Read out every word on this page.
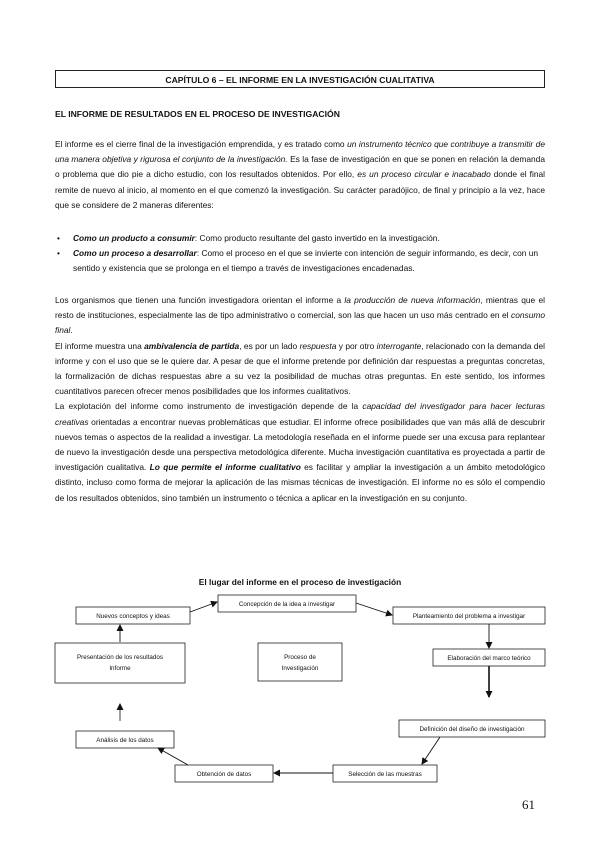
CAPÍTULO 6 – EL INFORME EN LA INVESTIGACIÓN CUALITATIVA
EL INFORME DE RESULTADOS EN EL PROCESO DE INVESTIGACIÓN
El informe es el cierre final de la investigación emprendida, y es tratado como un instrumento técnico que contribuye a transmitir de una manera objetiva y rigurosa el conjunto de la investigación. Es la fase de investigación en que se ponen en relación la demanda o problema que dio pie a dicho estudio, con los resultados obtenidos. Por ello, es un proceso circular e inacabado donde el final remite de nuevo al inicio, al momento en el que comenzó la investigación. Su carácter paradójico, de final y principio a la vez, hace que se considere de 2 maneras diferentes:
• Como un producto a consumir: Como producto resultante del gasto invertido en la investigación.
• Como un proceso a desarrollar: Como el proceso en el que se invierte con intención de seguir informando, es decir, con un sentido y existencia que se prolonga en el tiempo a través de investigaciones encadenadas.
Los organismos que tienen una función investigadora orientan el informe a la producción de nueva información, mientras que el resto de instituciones, especialmente las de tipo administrativo o comercial, son las que hacen un uso más centrado en el consumo final.
El informe muestra una ambivalencia de partida, es por un lado respuesta y por otro interrogante, relacionado con la demanda del informe y con el uso que se le quiere dar. A pesar de que el informe pretende por definición dar respuestas a preguntas concretas, la formalización de dichas respuestas abre a su vez la posibilidad de muchas otras preguntas. En este sentido, los informes cuantitativos parecen ofrecer menos posibilidades que los informes cualitativos.
La explotación del informe como instrumento de investigación depende de la capacidad del investigador para hacer lecturas creativas orientadas a encontrar nuevas problemáticas que estudiar. El informe ofrece posibilidades que van más allá de descubrir nuevos temas o aspectos de la realidad a investigar. La metodología reseñada en el informe puede ser una excusa para replantear de nuevo la investigación desde una perspectiva metodológica diferente. Mucha investigación cuantitativa es proyectada a partir de investigación cualitativa. Lo que permite el informe cualitativo es facilitar y ampliar la investigación a un ámbito metodológico distinto, incluso como forma de mejorar la aplicación de las mismas técnicas de investigación. El informe no es sólo el compendio de los resultados obtenidos, sino también un instrumento o técnica a aplicar en la investigación en su conjunto.
El lugar del informe en el proceso de investigación
Concepción de la idea a investigar
Planteamiento del problema a investigar
Elaboración del marco teórico
Definición del diseño de investigación
Selección de las muestras
Obtención de datos
Análisis de los datos
Presentación de los resultados
Informe
Nuevos conceptos y ideas
Proceso de
Investigación
61
